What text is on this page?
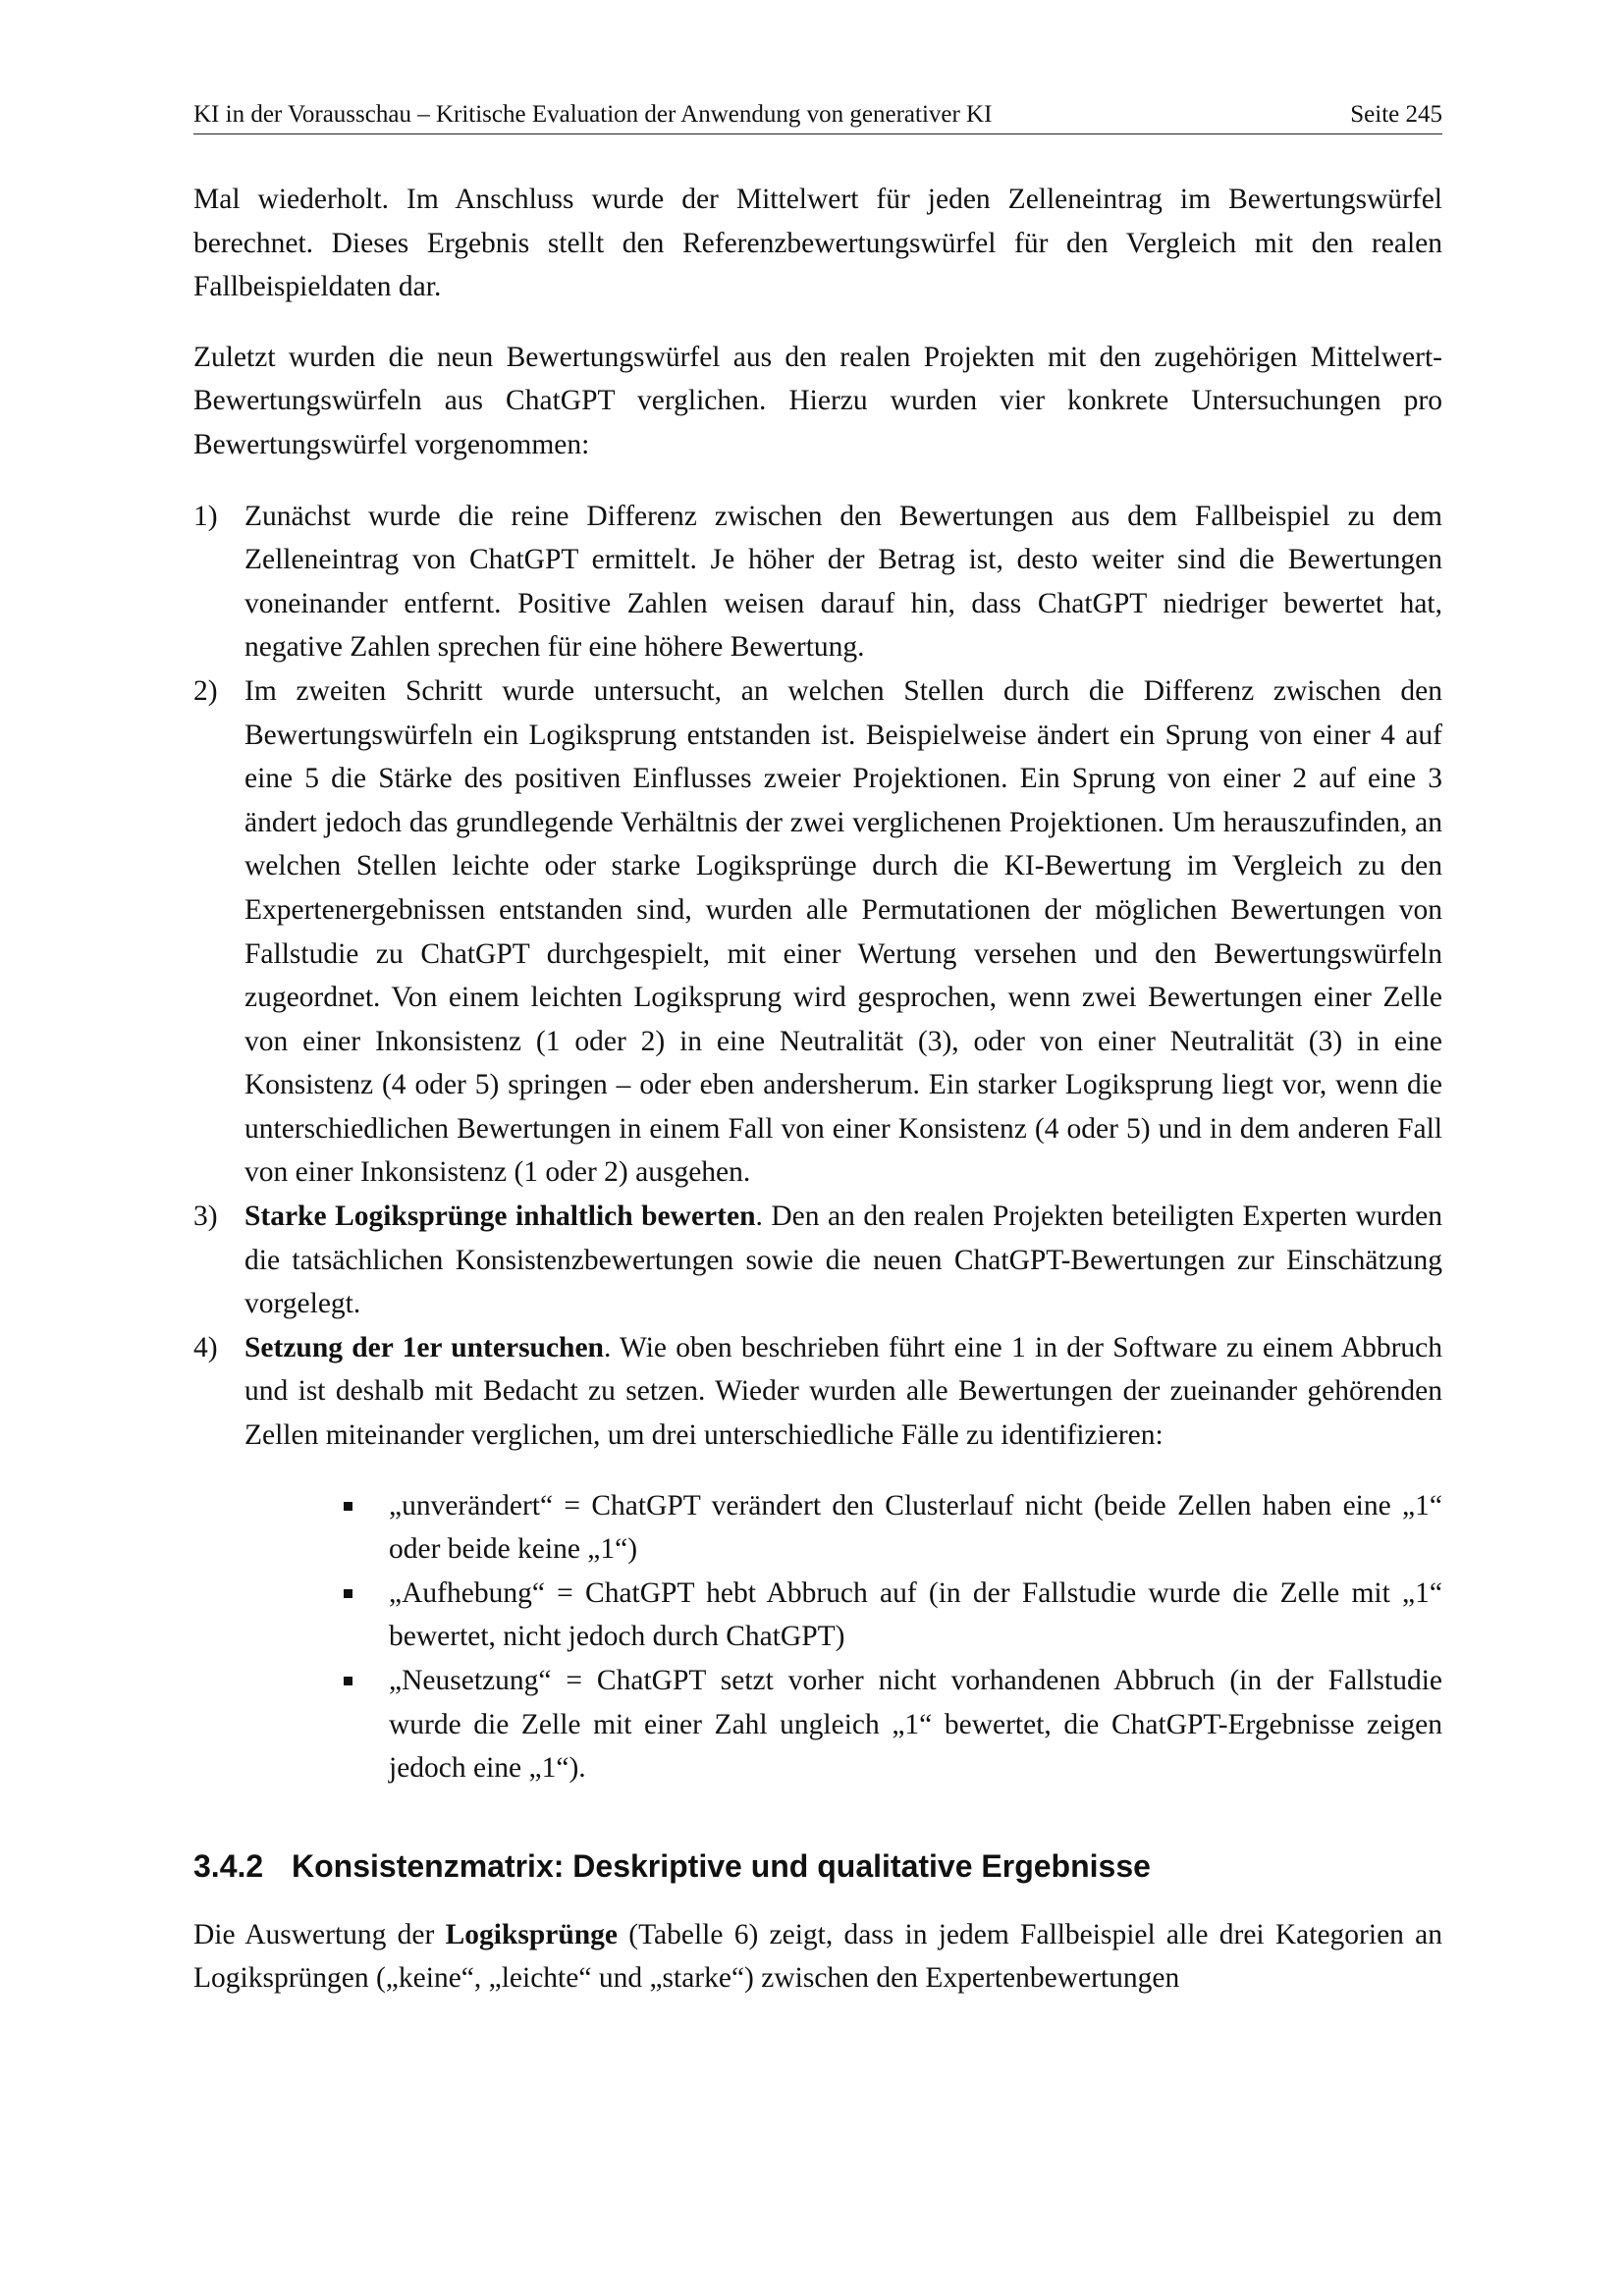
KI in der Vorausschau – Kritische Evaluation der Anwendung von generativer KI	Seite 245

Mal wiederholt. Im Anschluss wurde der Mittelwert für jeden Zelleneintrag im Bewertungswürfel berechnet. Dieses Ergebnis stellt den Referenzbewertungswürfel für den Vergleich mit den realen Fallbeispieldaten dar.

Zuletzt wurden die neun Bewertungswürfel aus den realen Projekten mit den zugehörigen Mittelwert-Bewertungswürfeln aus ChatGPT verglichen. Hierzu wurden vier konkrete Untersuchungen pro Bewertungswürfel vorgenommen:

1) Zunächst wurde die reine Differenz zwischen den Bewertungen aus dem Fallbeispiel zu dem Zelleneintrag von ChatGPT ermittelt. Je höher der Betrag ist, desto weiter sind die Bewertungen voneinander entfernt. Positive Zahlen weisen darauf hin, dass ChatGPT niedriger bewertet hat, negative Zahlen sprechen für eine höhere Bewertung.
2) Im zweiten Schritt wurde untersucht, an welchen Stellen durch die Differenz zwischen den Bewertungswürfeln ein Logiksprung entstanden ist. Beispielweise ändert ein Sprung von einer 4 auf eine 5 die Stärke des positiven Einflusses zweier Projektionen. Ein Sprung von einer 2 auf eine 3 ändert jedoch das grundlegende Verhältnis der zwei verglichenen Projektionen. Um herauszufinden, an welchen Stellen leichte oder starke Logiksprünge durch die KI-Bewertung im Vergleich zu den Expertenergebnissen entstanden sind, wurden alle Permutationen der möglichen Bewertungen von Fallstudie zu ChatGPT durchgespielt, mit einer Wertung versehen und den Bewertungswürfeln zugeordnet. Von einem leichten Logiksprung wird gesprochen, wenn zwei Bewertungen einer Zelle von einer Inkonsistenz (1 oder 2) in eine Neutralität (3), oder von einer Neutralität (3) in eine Konsistenz (4 oder 5) springen – oder eben andersherum. Ein starker Logiksprung liegt vor, wenn die unterschiedlichen Bewertungen in einem Fall von einer Konsistenz (4 oder 5) und in dem anderen Fall von einer Inkonsistenz (1 oder 2) ausgehen.
3) Starke Logiksprünge inhaltlich bewerten. Den an den realen Projekten beteiligten Experten wurden die tatsächlichen Konsistenzbewertungen sowie die neuen ChatGPT-Bewertungen zur Einschätzung vorgelegt.
4) Setzung der 1er untersuchen. Wie oben beschrieben führt eine 1 in der Software zu einem Abbruch und ist deshalb mit Bedacht zu setzen. Wieder wurden alle Bewertungen der zueinander gehörenden Zellen miteinander verglichen, um drei unterschiedliche Fälle zu identifizieren:
„unverändert“ = ChatGPT verändert den Clusterlauf nicht (beide Zellen haben eine „1“ oder beide keine „1“)
„Aufhebung“ = ChatGPT hebt Abbruch auf (in der Fallstudie wurde die Zelle mit „1“ bewertet, nicht jedoch durch ChatGPT)
„Neusetzung“ = ChatGPT setzt vorher nicht vorhandenen Abbruch (in der Fallstudie wurde die Zelle mit einer Zahl ungleich „1“ bewertet, die ChatGPT-Ergebnisse zeigen jedoch eine „1“).
3.4.2 Konsistenzmatrix: Deskriptive und qualitative Ergebnisse

Die Auswertung der Logiksprünge (Tabelle 6) zeigt, dass in jedem Fallbeispiel alle drei Kategorien an Logiksprüngen („keine“, „leichte“ und „starke“) zwischen den Expertenbewertungen
